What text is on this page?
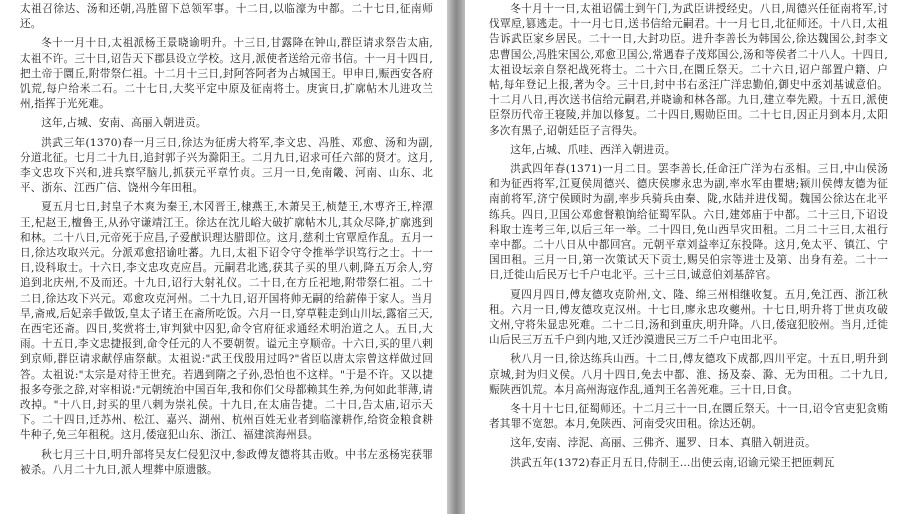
太祖召徐达、汤和还朝,冯胜留下总领军事。十二日,以临濠为中都。二十七日,征南师还。

冬十一月十日,太祖派杨王景晓谕明升。十三日,甘露降在钟山,群臣请求祭告太庙,太祖不许。三十日,诏告天下郡县设立学校。这月,派使者送给元帝书信。十一月十四日,把土帝于圜丘,附带祭仁祖。十二月十三日,封阿答阿者为占城国王。甲申日,赈西安各府饥荒,每户给米二石。二十七日,大奖平定中原及征南将士。庚寅日,扩廓帖木儿进攻兰州,指挥于光死难。

这年,占城、安南、高丽入朝进贡。

洪武三年(1370)春一月三日,徐达为征虏大将军,李文忠、冯胜、邓愈、汤和为副,分道北征。七月二十九日,追封郭子兴为滁阳王。二月九日,诏求可任六部的贤才。这月,李文忠攻下兴和,进兵察罕脑儿,抓获元平章竹贞。三月一日,免南畿、河南、山东、北平、浙东、江西广信、饶州今年田租。

夏五月七日,封皇子木爽为秦王,木冈晋王,棣燕王,木萧吴王,桢楚王,木尃齐王,梓潭王,杞赵王,檀鲁王,从孙守谦靖江王。徐达在沈儿峪大破扩廓帖木儿,其众尽降,扩廓逃到和林。二十八日,元帝死于应昌,子爱猷识理达腊即位。这月,慈利土官覃垕作乱。五月一日,徐达攻取兴元。分派邓愈招谕吐蕃。九日,太祖下诏令守令推举学识笃行之士。十一日,设科取士。十六日,李文忠攻克应昌。元嗣君北逃,获其子买的里八刺,降五万余人,穷追到北庆州,不及而还。十九日,诏行大射礼仪。二十日,在方丘祀地,附带祭仁祖。二十二日,徐达攻下兴元。邓愈攻克河州。二十九日,诏开国将帅无嗣的给薪俸于家人。当月旱,斋戒,后妃亲手做饭,皇太子诸王在斋所吃饭。六月一日,穿草鞋走到山川坛,露宿三天,在西宅还斋。四日,奖赏将士,审判狱中囚犯,命令官府征求通经术明治道之人。五日,大雨。十五日,李文忠捷报到,命令任元的人不要朝贺。谥元主亨顺帝。十六日,买的里八剌到京师,群臣请求献俘庙祭献。太祖说:"武王伐殷用过吗?"省臣以唐太宗曾这样做过回答。太祖说:"太宗是对待王世充。若遇到隋之子孙,恐怕也不这样。"于是不许。又以捷报多夸张之辞,对宰相说:"元朝统治中国百年,我和你们父母都赖其生养,为何如此菲薄,请改掉。"十八日,封买的里八剌为崇礼侯。十九日,在太庙告捷。二十日,告太庙,诏示天下。二十四日,迁苏州、松江、嘉兴、湖州、杭州百姓无业者到临濠耕作,给资金粮食耕牛种子,免三年租税。这月,倭寇犯山东、浙江、福建滨海州县。

秋七月三十日,明升部将吴友仁侵犯汉中,参政傅友德将其击败。中书左丞杨宪获罪被杀。八月二十九日,派人埋葬中原遗骸。

冬十月十一日,太祖诏儒士到午门,为武臣讲授经史。八日,周德兴任征南将军,讨伐覃垕,篡逃走。十一月七日,送书信给元嗣君。十一月七日,北征师还。十八日,太祖告诉武臣家乡居民。二十一日,大封功臣。进升李善长为韩国公,徐达魏国公,封李文忠曹国公,冯胜宋国公,邓愈卫国公,常遇春子茂郑国公,汤和等侯者二十八人。十四日,太祖设坛亲自祭祀战死将士。二十六日,在圜丘祭天。二十六日,诏户部置户籍、户帖,每年登记上报,著为令。三十日,封中书右丞汪广洋忠勤伯,御史中丞刘基诚意伯。十二月八日,再次送书信给元嗣君,并晓谕和林各部。九日,建立奉先殿。十五日,派使臣祭历代帝王寝陵,并加以修复。二十四日,赐勋臣田。二十七日,因正月到本月,太阳多次有黑子,诏朝廷臣子言得失。

这年,占城、爪哇、西洋入朝进贡。

洪武四年春(1371)一月二日。罢李善长,任命汪广洋为右丞相。三日,中山侯汤和为征西将军,江夏侯周德兴、德庆侯廖永忠为副,率水军由瞿塘;颍川侯傅友德为征南前将军,济宁侯顾时为副,率步兵骑兵由秦、陇,水陆并进伐蜀。魏国公徐达在北平练兵。四日,卫国公邓愈督粮饷给征蜀军队。六日,建郊庙于中都。二十三日,下诏设科取士连考三年,以后三年一举。二十四日,免山西旱灾田租。二月二十三日,太祖行幸中都。二十八日从中都回宫。元朝平章刘益率辽东投降。这月,免太平、镇江、宁国田租。三月一日,第一次策试天下贡士,赐吴伯宗等进士及第、出身有差。二十一日,迁徙山后民万七千户屯北平。三十三日,诚意伯刘基辞官。

夏四月四日,傅友德攻克阶州,文、隆、绵三州相继收复。五月,免江西、浙江秋租。六月一日,傅友德攻克汉州。十七日,廖永忠攻夔州。十七日,明升将丁世贞攻破文州,守将朱显忠死难。二十二日,汤和到重庆,明升降。八日,倭寇犯胶州。当月,迁徙山后民三万五千户到内地,又迁沙漠遗民三万二千户屯田北平。

秋八月一日,徐达练兵山西。十二日,傅友德攻下成都,四川平定。十五日,明升到京城,封为归义侯。八月十四日,免去中都、淮、扬及泰、滁、无为田租。二十九日,赈陕西饥荒。本月高州海寇作乱,通判王名善死难。三十日,日食。

冬十月十七日,征蜀师还。十二月三十一日,在圜丘祭天。十一日,诏令官吏犯贪贿者其罪不宽恕。本月,免陕西、河南受灾田租。徐达还朝。

这年,安南、浡泥、高丽、三佛齐、暹罗、日本、真腊入朝进贡。

洪武五年(1372)春正月五日,侍制王…出使云南,诏谕元梁王把匝剌瓦
